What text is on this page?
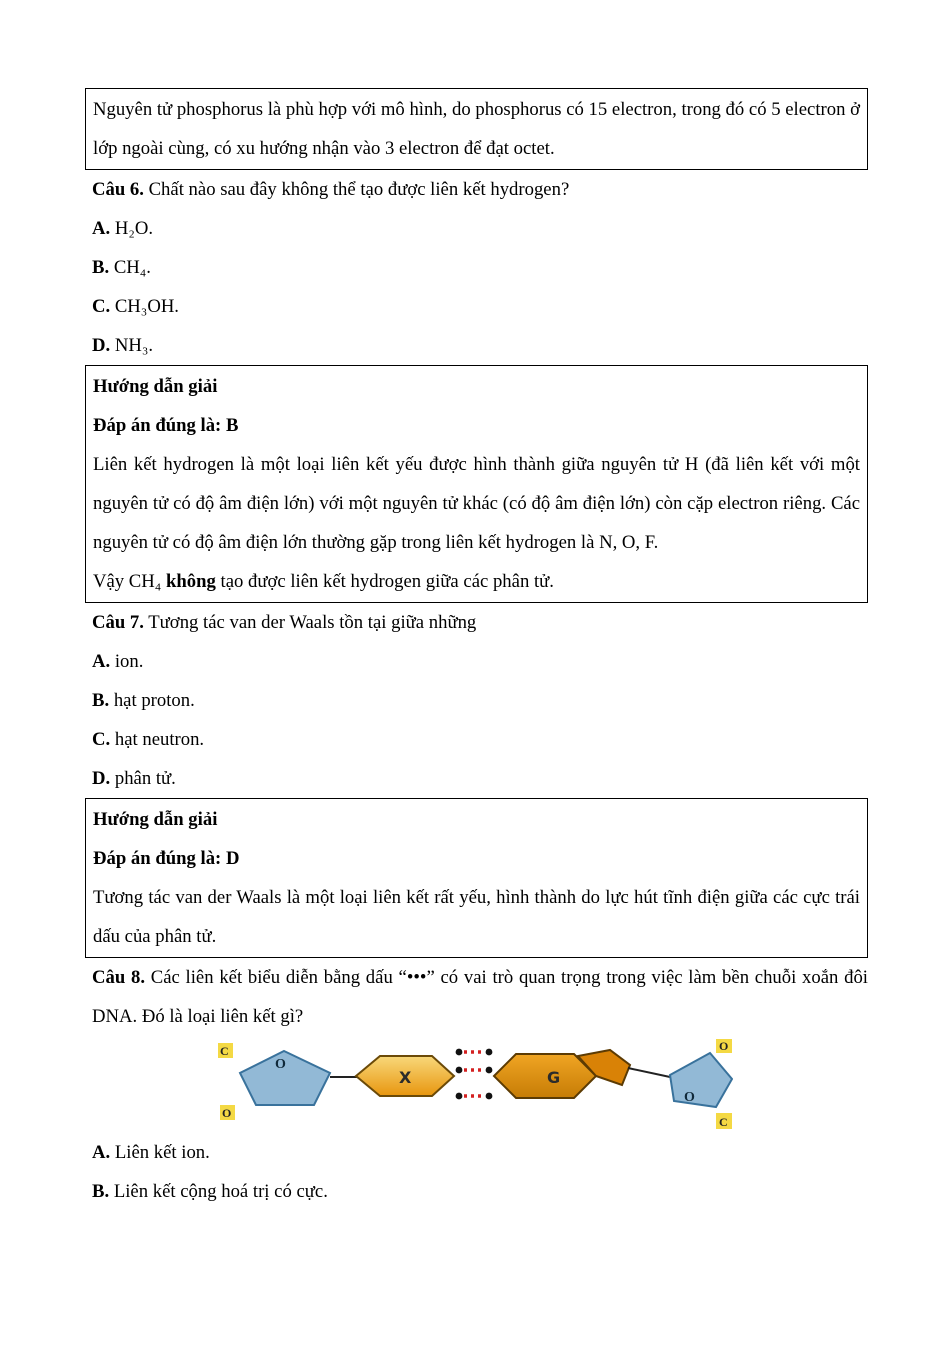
Nguyên tử phosphorus là phù hợp với mô hình, do phosphorus có 15 electron, trong đó có 5 electron ở lớp ngoài cùng, có xu hướng nhận vào 3 electron để đạt octet.

Câu 6. Chất nào sau đây không thể tạo được liên kết hydrogen?

A. H₂O.

B. CH₄.

C. CH₃OH.

D. NH₃.

Hướng dẫn giải

Đáp án đúng là: B

Liên kết hydrogen là một loại liên kết yếu được hình thành giữa nguyên tử H (đã liên kết với một nguyên tử có độ âm điện lớn) với một nguyên tử khác (có độ âm điện lớn) còn cặp electron riêng. Các nguyên tử có độ âm điện lớn thường gặp trong liên kết hydrogen là N, O, F.

Vậy CH₄ không tạo được liên kết hydrogen giữa các phân tử.

Câu 7. Tương tác van der Waals tồn tại giữa những

A. ion.

B. hạt proton.

C. hạt neutron.

D. phân tử.

Hướng dẫn giải

Đáp án đúng là: D

Tương tác van der Waals là một loại liên kết rất yếu, hình thành do lực hút tĩnh điện giữa các cực trái dấu của phân tử.

Câu 8. Các liên kết biểu diễn bằng dấu “•••” có vai trò quan trọng trong việc làm bền chuỗi xoắn đôi DNA. Đó là loại liên kết gì?

C
O
O
X	G
O
O
C

A. Liên kết ion.

B. Liên kết cộng hoá trị có cực.
